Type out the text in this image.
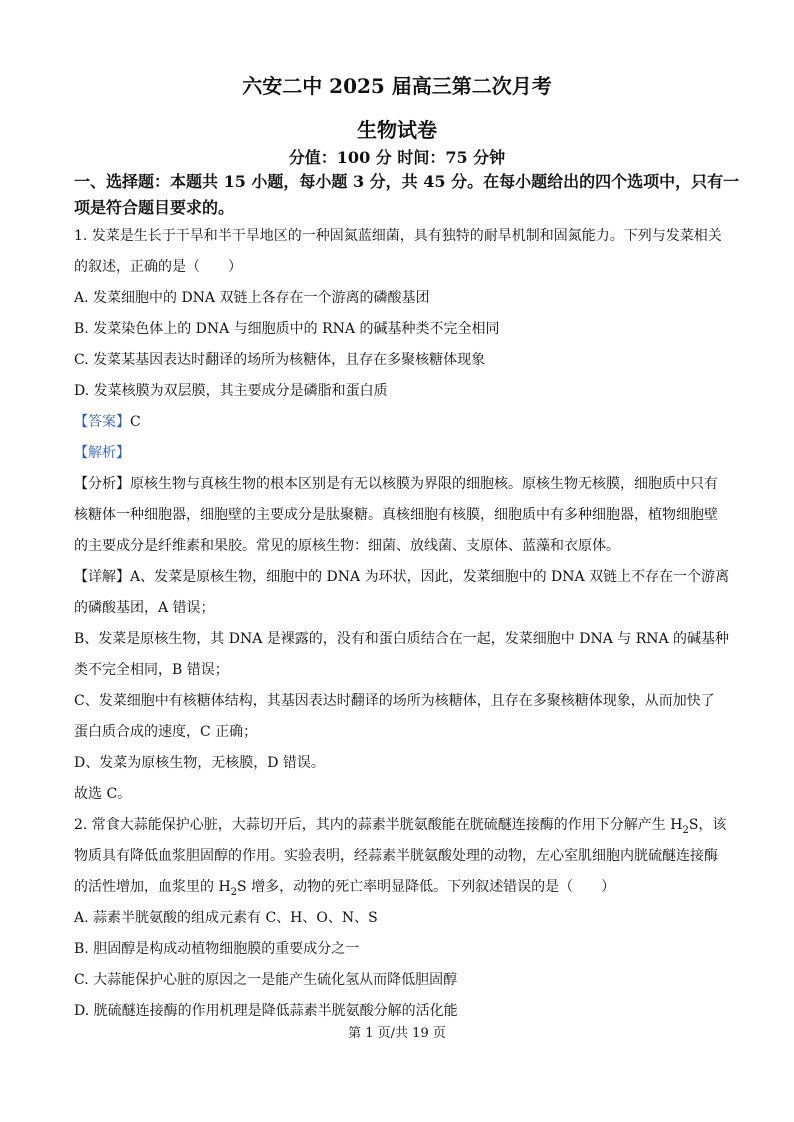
六安二中 2025 届高三第二次月考
生物试卷
分值：100 分 时间：75 分钟
一、选择题：本题共 15 小题，每小题 3 分，共 45 分。在每小题给出的四个选项中，只有一
项是符合题目要求的。
1. 发菜是生长于干旱和半干旱地区的一种固氮蓝细菌，具有独特的耐旱机制和固氮能力。下列与发菜相关
的叙述，正确的是（　　）
A. 发菜细胞中的 DNA 双链上各存在一个游离的磷酸基团
B. 发菜染色体上的 DNA 与细胞质中的 RNA 的碱基种类不完全相同
C. 发菜某基因表达时翻译的场所为核糖体，且存在多聚核糖体现象
D. 发菜核膜为双层膜，其主要成分是磷脂和蛋白质
【答案】C
【解析】
【分析】原核生物与真核生物的根本区别是有无以核膜为界限的细胞核。原核生物无核膜，细胞质中只有
核糖体一种细胞器，细胞壁的主要成分是肽聚糖。真核细胞有核膜，细胞质中有多种细胞器，植物细胞壁
的主要成分是纤维素和果胶。常见的原核生物：细菌、放线菌、支原体、蓝藻和衣原体。
【详解】A、发菜是原核生物，细胞中的 DNA 为环状，因此，发菜细胞中的 DNA 双链上不存在一个游离
的磷酸基团，A 错误；
B、发菜是原核生物，其 DNA 是裸露的，没有和蛋白质结合在一起，发菜细胞中 DNA 与 RNA 的碱基种
类不完全相同，B 错误；
C、发菜细胞中有核糖体结构，其基因表达时翻译的场所为核糖体，且存在多聚核糖体现象，从而加快了
蛋白质合成的速度，C 正确；
D、发菜为原核生物，无核膜，D 错误。
故选 C。
2. 常食大蒜能保护心脏，大蒜切开后，其内的蒜素半胱氨酸能在胱硫醚连接酶的作用下分解产生 $H_2S$，该
物质具有降低血浆胆固醇的作用。实验表明，经蒜素半胱氨酸处理的动物，左心室肌细胞内胱硫醚连接酶
的活性增加，血浆里的 $H_2S$ 增多，动物的死亡率明显降低。下列叙述错误的是（　　）
A. 蒜素半胱氨酸的组成元素有 C、H、O、N、S
B. 胆固醇是构成动植物细胞膜的重要成分之一
C. 大蒜能保护心脏的原因之一是能产生硫化氢从而降低胆固醇
D. 胱硫醚连接酶的作用机理是降低蒜素半胱氨酸分解的活化能
第 1 页/共 19 页
